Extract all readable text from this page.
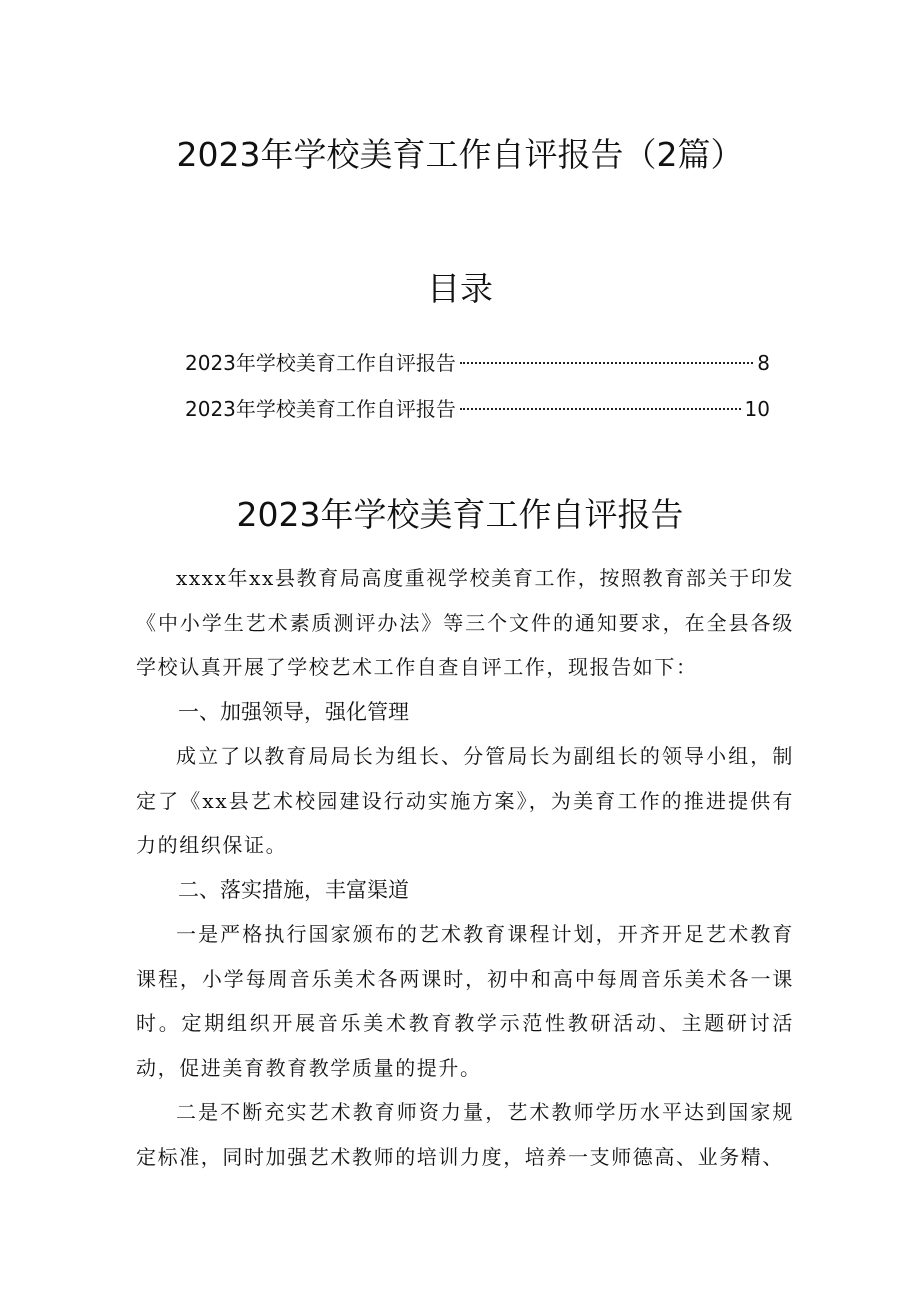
2023年学校美育工作自评报告（2篇）
目录
2023年学校美育工作自评报告	8
2023年学校美育工作自评报告	10
2023年学校美育工作自评报告

xxxx年xx县教育局高度重视学校美育工作，按照教育部关于印发《中小学生艺术素质测评办法》等三个文件的通知要求，在全县各级学校认真开展了学校艺术工作自查自评工作，现报告如下：

一、加强领导，强化管理

成立了以教育局局长为组长、分管局长为副组长的领导小组，制定了《xx县艺术校园建设行动实施方案》，为美育工作的推进提供有力的组织保证。

二、落实措施，丰富渠道

一是严格执行国家颁布的艺术教育课程计划，开齐开足艺术教育课程，小学每周音乐美术各两课时，初中和高中每周音乐美术各一课时。定期组织开展音乐美术教育教学示范性教研活动、主题研讨活动，促进美育教育教学质量的提升。

二是不断充实艺术教育师资力量，艺术教师学历水平达到国家规定标准，同时加强艺术教师的培训力度，培养一支师德高、业务精、
